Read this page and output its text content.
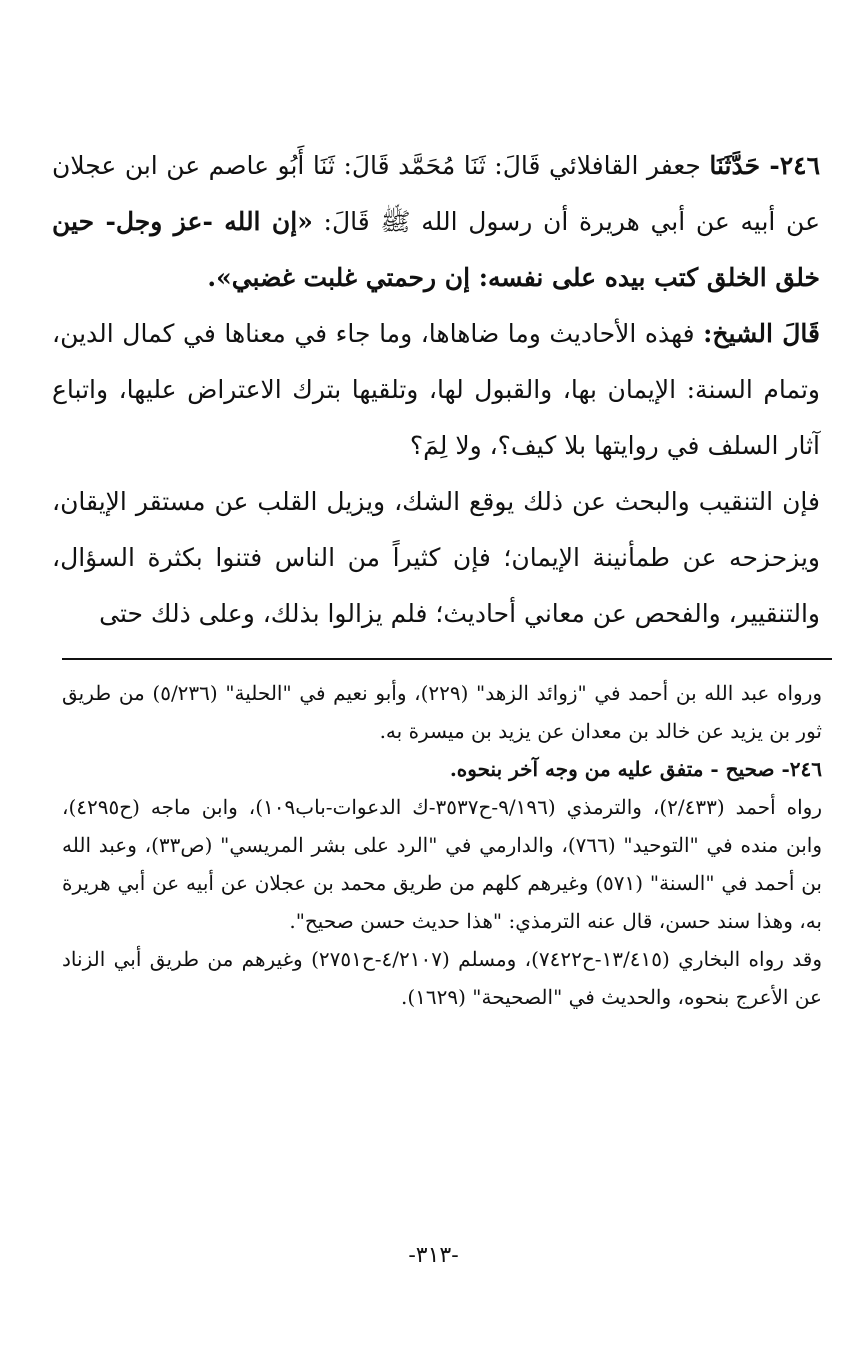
٢٤٦- حَدَّثَنَا جعفر القافلائي قَالَ: ثَنَا مُحَمَّد قَالَ: ثَنَا أَبُو عاصم عن ابن عجلان عن أبيه عن أبي هريرة أن رسول الله ﷺ قَالَ: «إن الله -عز وجل- حين خلق الخلق كتب بيده على نفسه: إن رحمتي غلبت غضبي».

قَالَ الشيخ: فهذه الأحاديث وما ضاهاها، وما جاء في معناها في كمال الدين، وتمام السنة: الإيمان بها، والقبول لها، وتلقيها بترك الاعتراض عليها، واتباع آثار السلف في روايتها بلا كيف؟، ولا لِمَ؟

فإن التنقيب والبحث عن ذلك يوقع الشك، ويزيل القلب عن مستقر الإيقان، ويزحزحه عن طمأنينة الإيمان؛ فإن كثيراً من الناس فتنوا بكثرة السؤال، والتنقيير، والفحص عن معاني أحاديث؛ فلم يزالوا بذلك، وعلى ذلك حتى

ورواه عبد الله بن أحمد في "زوائد الزهد" (٢٢٩)، وأبو نعيم في "الحلية" (٥/٢٣٦) من طريق ثور بن يزيد عن خالد بن معدان عن يزيد بن ميسرة به.

٢٤٦- صحيح - متفق عليه من وجه آخر بنحوه.

رواه أحمد (٢/٤٣٣)، والترمذي (٩/١٩٦-ح٣٥٣٧-ك الدعوات-باب١٠٩)، وابن ماجه (ح٤٢٩٥)، وابن منده في "التوحيد" (٧٦٦)، والدارمي في "الرد على بشر المريسي" (ص٣٣)، وعبد الله بن أحمد في "السنة" (٥٧١) وغيرهم كلهم من طريق محمد بن عجلان عن أبيه عن أبي هريرة به، وهذا سند حسن، قال عنه الترمذي: "هذا حديث حسن صحيح".

وقد رواه البخاري (١٣/٤١٥-ح٧٤٢٢)، ومسلم (٤/٢١٠٧-ح٢٧٥١) وغيرهم من طريق أبي الزناد عن الأعرج بنحوه، والحديث في "الصحيحة" (١٦٢٩).

-٣١٣-
